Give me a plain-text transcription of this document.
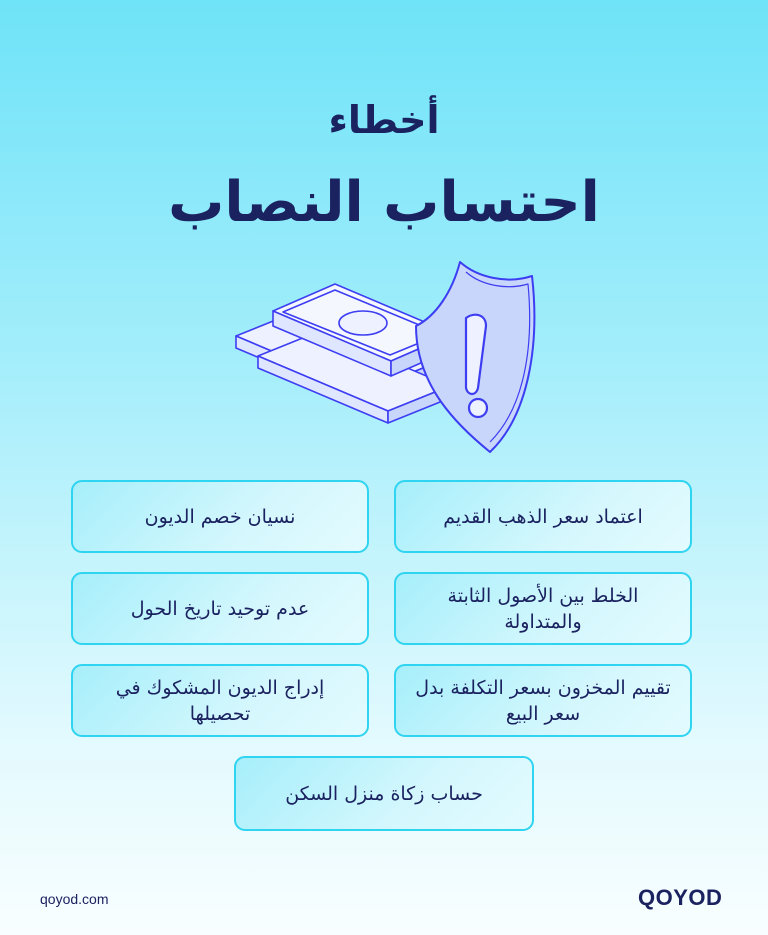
أخطاء
احتساب النصاب
اعتماد سعر الذهب القديم
نسيان خصم الديون
الخلط بين الأصول الثابتة والمتداولة
عدم توحيد تاريخ الحول
تقييم المخزون بسعر التكلفة بدل سعر البيع
إدراج الديون المشكوك في تحصيلها
حساب زكاة منزل السكن
qoyod.com	QOYOD
